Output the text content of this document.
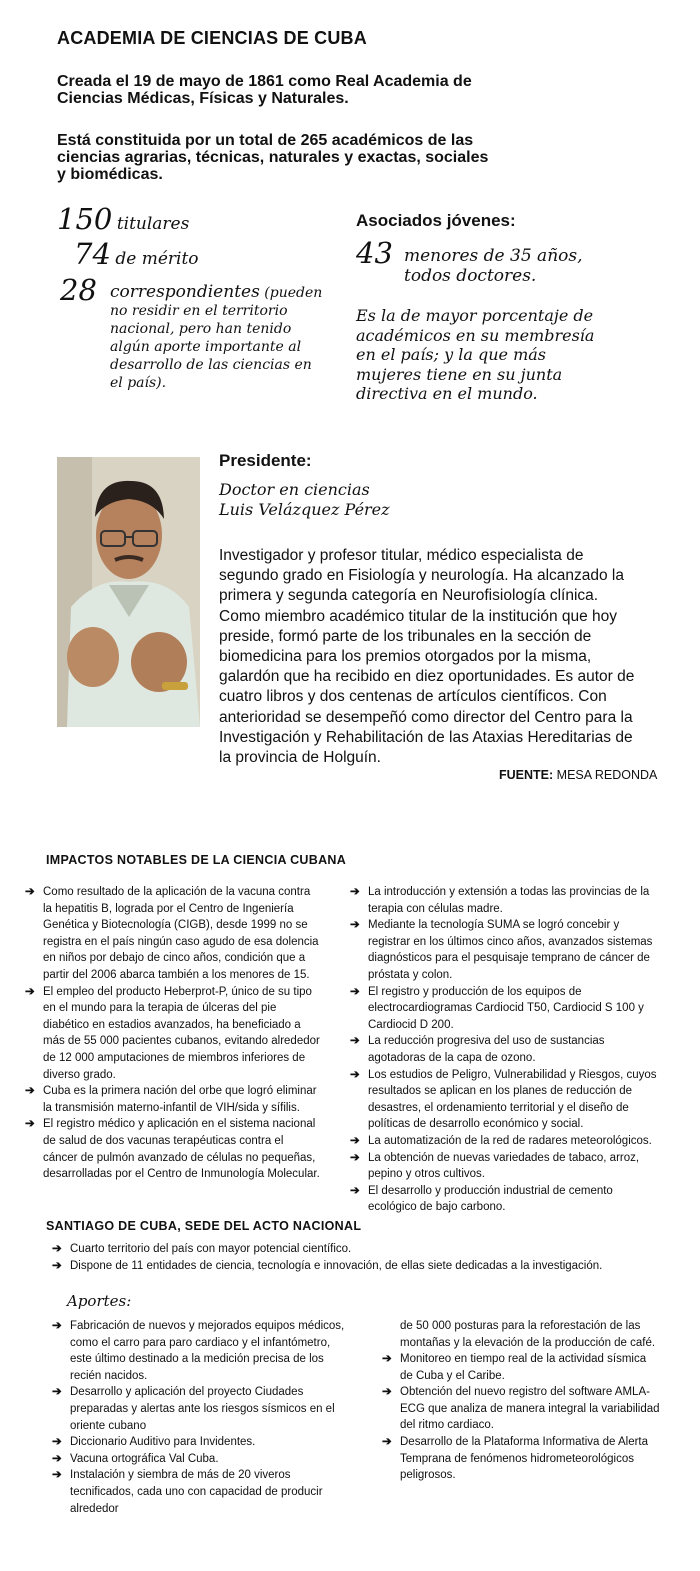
ACADEMIA DE CIENCIAS DE CUBA
Creada el 19 de mayo de 1861 como Real Academia de Ciencias Médicas, Físicas y Naturales.
Está constituida por un total de 265 académicos de las ciencias agrarias, técnicas, naturales y exactas, sociales y biomédicas.
150 titulares
74 de mérito
28 correspondientes (pueden
no residir en el territorio nacional, pero han tenido algún aporte importante al desarrollo de las ciencias en el país).
Asociados jóvenes:
43 menores de 35 años, todos doctores.
Es la de mayor porcentaje de académicos en su membresía en el país; y la que más mujeres tiene en su junta directiva en el mundo.
Presidente:
Doctor en ciencias
Luis Velázquez Pérez
Investigador y profesor titular, médico especialista de segundo grado en Fisiología y neurología. Ha alcanzado la primera y segunda categoría en Neurofisiología clínica. Como miembro académico titular de la institución que hoy preside, formó parte de los tribunales en la sección de biomedicina para los premios otorgados por la misma, galardón que ha recibido en diez oportunidades. Es autor de cuatro libros y dos centenas de artículos científicos. Con anterioridad se desempeñó como director del Centro para la Investigación y Rehabilitación de las Ataxias Hereditarias de la provincia de Holguín.
FUENTE: MESA REDONDA
IMPACTOS NOTABLES DE LA CIENCIA CUBANA
➔ Como resultado de la aplicación de la vacuna contra la hepatitis B, lograda por el Centro de Ingeniería Genética y Biotecnología (CIGB), desde 1999 no se registra en el país ningún caso agudo de esa dolencia en niños por debajo de cinco años, condición que a partir del 2006 abarca también a los menores de 15.
➔ El empleo del producto Heberprot-P, único de su tipo en el mundo para la terapia de úlceras del pie diabético en estadios avanzados, ha beneficiado a más de 55 000 pacientes cubanos, evitando alrededor de 12 000 amputaciones de miembros inferiores de diverso grado.
➔ Cuba es la primera nación del orbe que logró eliminar la transmisión materno-infantil de VIH/sida y sífilis.
➔ El registro médico y aplicación en el sistema nacional de salud de dos vacunas terapéuticas contra el cáncer de pulmón avanzado de células no pequeñas, desarrolladas por el Centro de Inmunología Molecular.
➔ La introducción y extensión a todas las provincias de la terapia con células madre.
➔ Mediante la tecnología SUMA se logró concebir y registrar en los últimos cinco años, avanzados sistemas diagnósticos para el pesquisaje temprano de cáncer de próstata y colon.
➔ El registro y producción de los equipos de electrocardiogramas Cardiocid T50, Cardiocid S 100 y Cardiocid D 200.
➔ La reducción progresiva del uso de sustancias agotadoras de la capa de ozono.
➔ Los estudios de Peligro, Vulnerabilidad y Riesgos, cuyos resultados se aplican en los planes de reducción de desastres, el ordenamiento territorial y el diseño de políticas de desarrollo económico y social.
➔ La automatización de la red de radares meteorológicos.
➔ La obtención de nuevas variedades de tabaco, arroz, pepino y otros cultivos.
➔ El desarrollo y producción industrial de cemento ecológico de bajo carbono.
SANTIAGO DE CUBA, SEDE DEL ACTO NACIONAL
➔ Cuarto territorio del país con mayor potencial científico.
➔ Dispone de 11 entidades de ciencia, tecnología e innovación, de ellas siete dedicadas a la investigación.
Aportes:
➔ Fabricación de nuevos y mejorados equipos médicos, como el carro para paro cardiaco y el infantómetro, este último destinado a la medición precisa de los recién nacidos.
➔ Desarrollo y aplicación del proyecto Ciudades preparadas y alertas ante los riesgos sísmicos en el oriente cubano
➔ Diccionario Auditivo para Invidentes.
➔ Vacuna ortográfica Val Cuba.
➔ Instalación y siembra de más de 20 viveros tecnificados, cada uno con capacidad de producir alrededor
de 50 000 posturas para la reforestación de las montañas y la elevación de la producción de café.
➔ Monitoreo en tiempo real de la actividad sísmica de Cuba y el Caribe.
➔ Obtención del nuevo registro del software AMLA-ECG que analiza de manera integral la variabilidad del ritmo cardiaco.
➔ Desarrollo de la Plataforma Informativa de Alerta Temprana de fenómenos hidrometeorológicos peligrosos.
